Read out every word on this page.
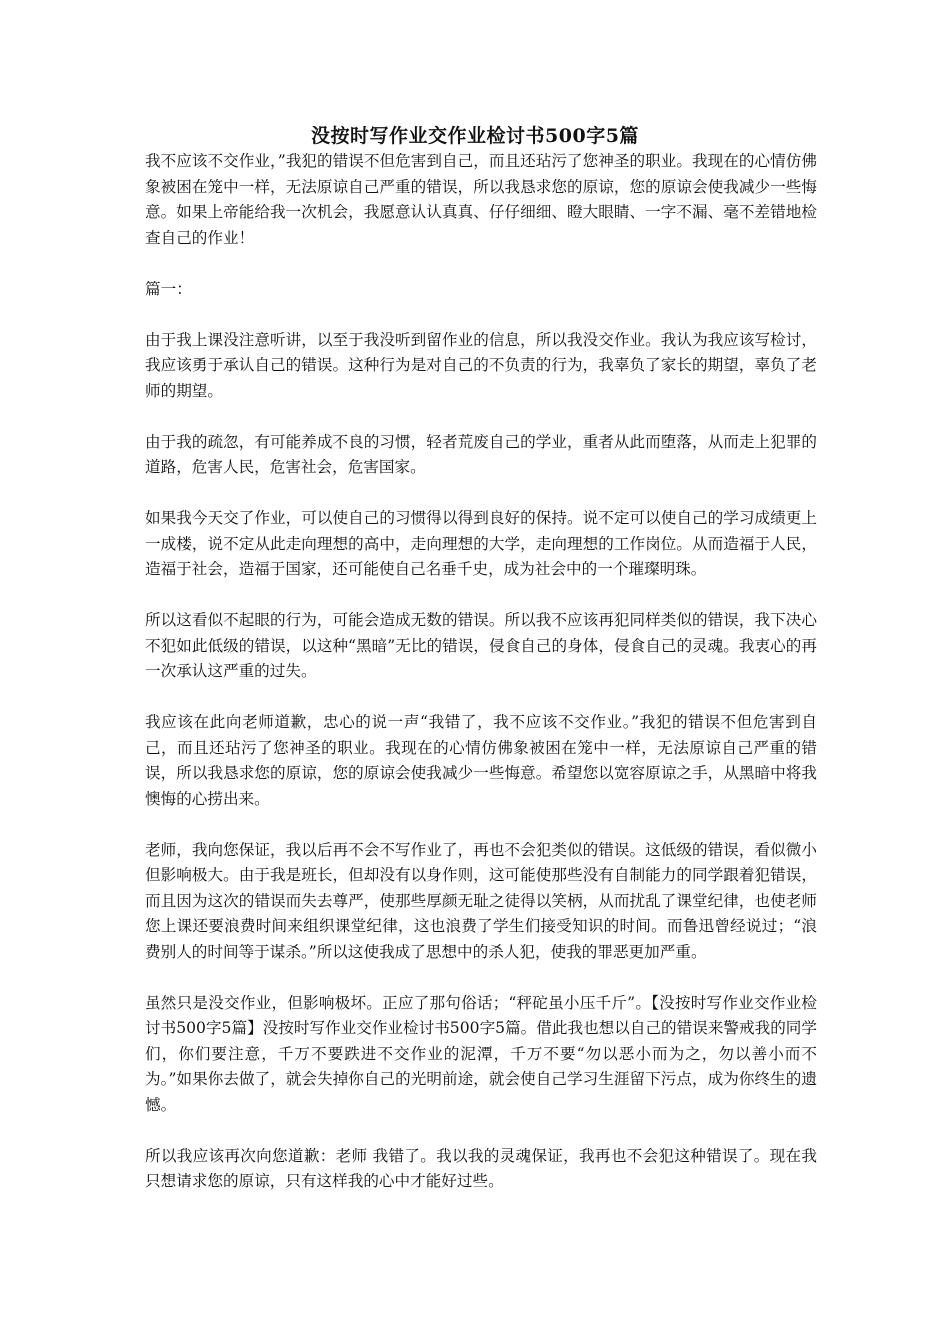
没按时写作业交作业检讨书500字5篇

我不应该不交作业，”我犯的错误不但危害到自己，而且还玷污了您神圣的职业。我现在的心情仿佛象被困在笼中一样，无法原谅自己严重的错误，所以我恳求您的原谅，您的原谅会使我减少一些悔意。如果上帝能给我一次机会，我愿意认认真真、仔仔细细、瞪大眼睛、一字不漏、毫不差错地检查自己的作业！

篇一：

由于我上课没注意听讲，以至于我没听到留作业的信息，所以我没交作业。我认为我应该写检讨，我应该勇于承认自己的错误。这种行为是对自己的不负责的行为，我辜负了家长的期望，辜负了老师的期望。

由于我的疏忽，有可能养成不良的习惯，轻者荒废自己的学业，重者从此而堕落，从而走上犯罪的道路，危害人民，危害社会，危害国家。

如果我今天交了作业，可以使自己的习惯得以得到良好的保持。说不定可以使自己的学习成绩更上一成楼，说不定从此走向理想的高中，走向理想的大学，走向理想的工作岗位。从而造福于人民，造福于社会，造福于国家，还可能使自己名垂千史，成为社会中的一个璀璨明珠。

所以这看似不起眼的行为，可能会造成无数的错误。所以我不应该再犯同样类似的错误，我下决心不犯如此低级的错误，以这种“黑暗”无比的错误，侵食自己的身体，侵食自己的灵魂。我衷心的再一次承认这严重的过失。

我应该在此向老师道歉，忠心的说一声“我错了，我不应该不交作业。”我犯的错误不但危害到自己，而且还玷污了您神圣的职业。我现在的心情仿佛象被困在笼中一样，无法原谅自己严重的错误，所以我恳求您的原谅，您的原谅会使我减少一些悔意。希望您以宽容原谅之手，从黑暗中将我懊悔的心捞出来。

老师，我向您保证，我以后再不会不写作业了，再也不会犯类似的错误。这低级的错误，看似微小但影响极大。由于我是班长，但却没有以身作则，这可能使那些没有自制能力的同学跟着犯错误，而且因为这次的错误而失去尊严，使那些厚颜无耻之徒得以笑柄，从而扰乱了课堂纪律，也使老师您上课还要浪费时间来组织课堂纪律，这也浪费了学生们接受知识的时间。而鲁迅曾经说过；“浪费别人的时间等于谋杀。”所以这使我成了思想中的杀人犯，使我的罪恶更加严重。

虽然只是没交作业，但影响极坏。正应了那句俗话；“秤砣虽小压千斤”。【没按时写作业交作业检讨书500字5篇】没按时写作业交作业检讨书500字5篇。借此我也想以自己的错误来警戒我的同学们，你们要注意，千万不要跌进不交作业的泥潭，千万不要“勿以恶小而为之，勿以善小而不为。”如果你去做了，就会失掉你自己的光明前途，就会使自己学习生涯留下污点，成为你终生的遗憾。

所以我应该再次向您道歉：老师 我错了。我以我的灵魂保证，我再也不会犯这种错误了。现在我只想请求您的原谅，只有这样我的心中才能好过些。
